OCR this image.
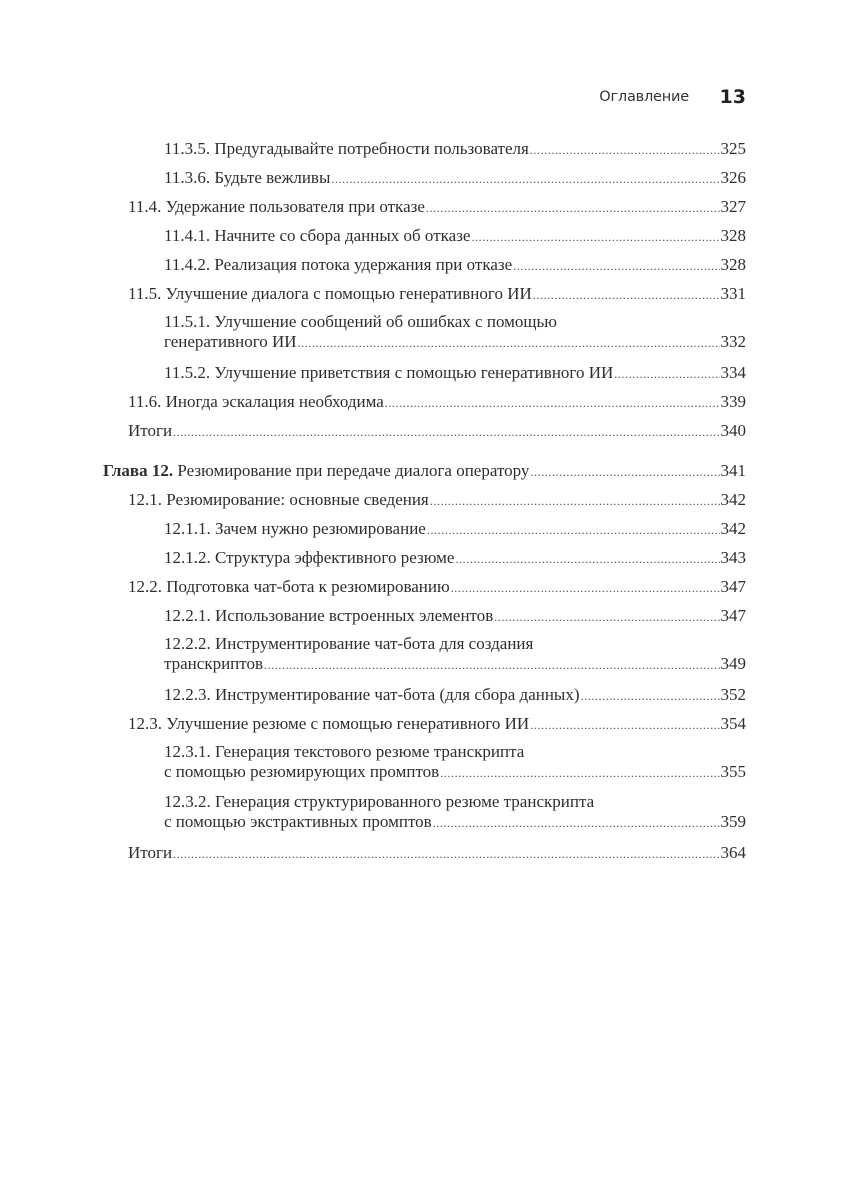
Оглавление 13
11.3.5. Предугадывайте потребности пользователя .....	325
11.3.6. Будьте вежливы .....	326
11.4. Удержание пользователя при отказе .....	327
11.4.1. Начните со сбора данных об отказе .....	328
11.4.2. Реализация потока удержания при отказе .....	328
11.5. Улучшение диалога с помощью генеративного ИИ .....	331
11.5.1. Улучшение сообщений об ошибках с помощью
генеративного ИИ .....	332
11.5.2. Улучшение приветствия с помощью генеративного ИИ .....	334
11.6. Иногда эскалация необходима .....	339
Итоги .....	340
Глава 12. Резюмирование при передаче диалога оператору .....	341
12.1. Резюмирование: основные сведения .....	342
12.1.1. Зачем нужно резюмирование .....	342
12.1.2. Структура эффективного резюме .....	343
12.2. Подготовка чат-бота к резюмированию .....	347
12.2.1. Использование встроенных элементов .....	347
12.2.2. Инструментирование чат-бота для создания
транскриптов .....	349
12.2.3. Инструментирование чат-бота (для сбора данных) .....	352
12.3. Улучшение резюме с помощью генеративного ИИ .....	354
12.3.1. Генерация текстового резюме транскрипта
с помощью резюмирующих промптов .....	355
12.3.2. Генерация структурированного резюме транскрипта
с помощью экстрактивных промптов .....	359
Итоги .....	364
